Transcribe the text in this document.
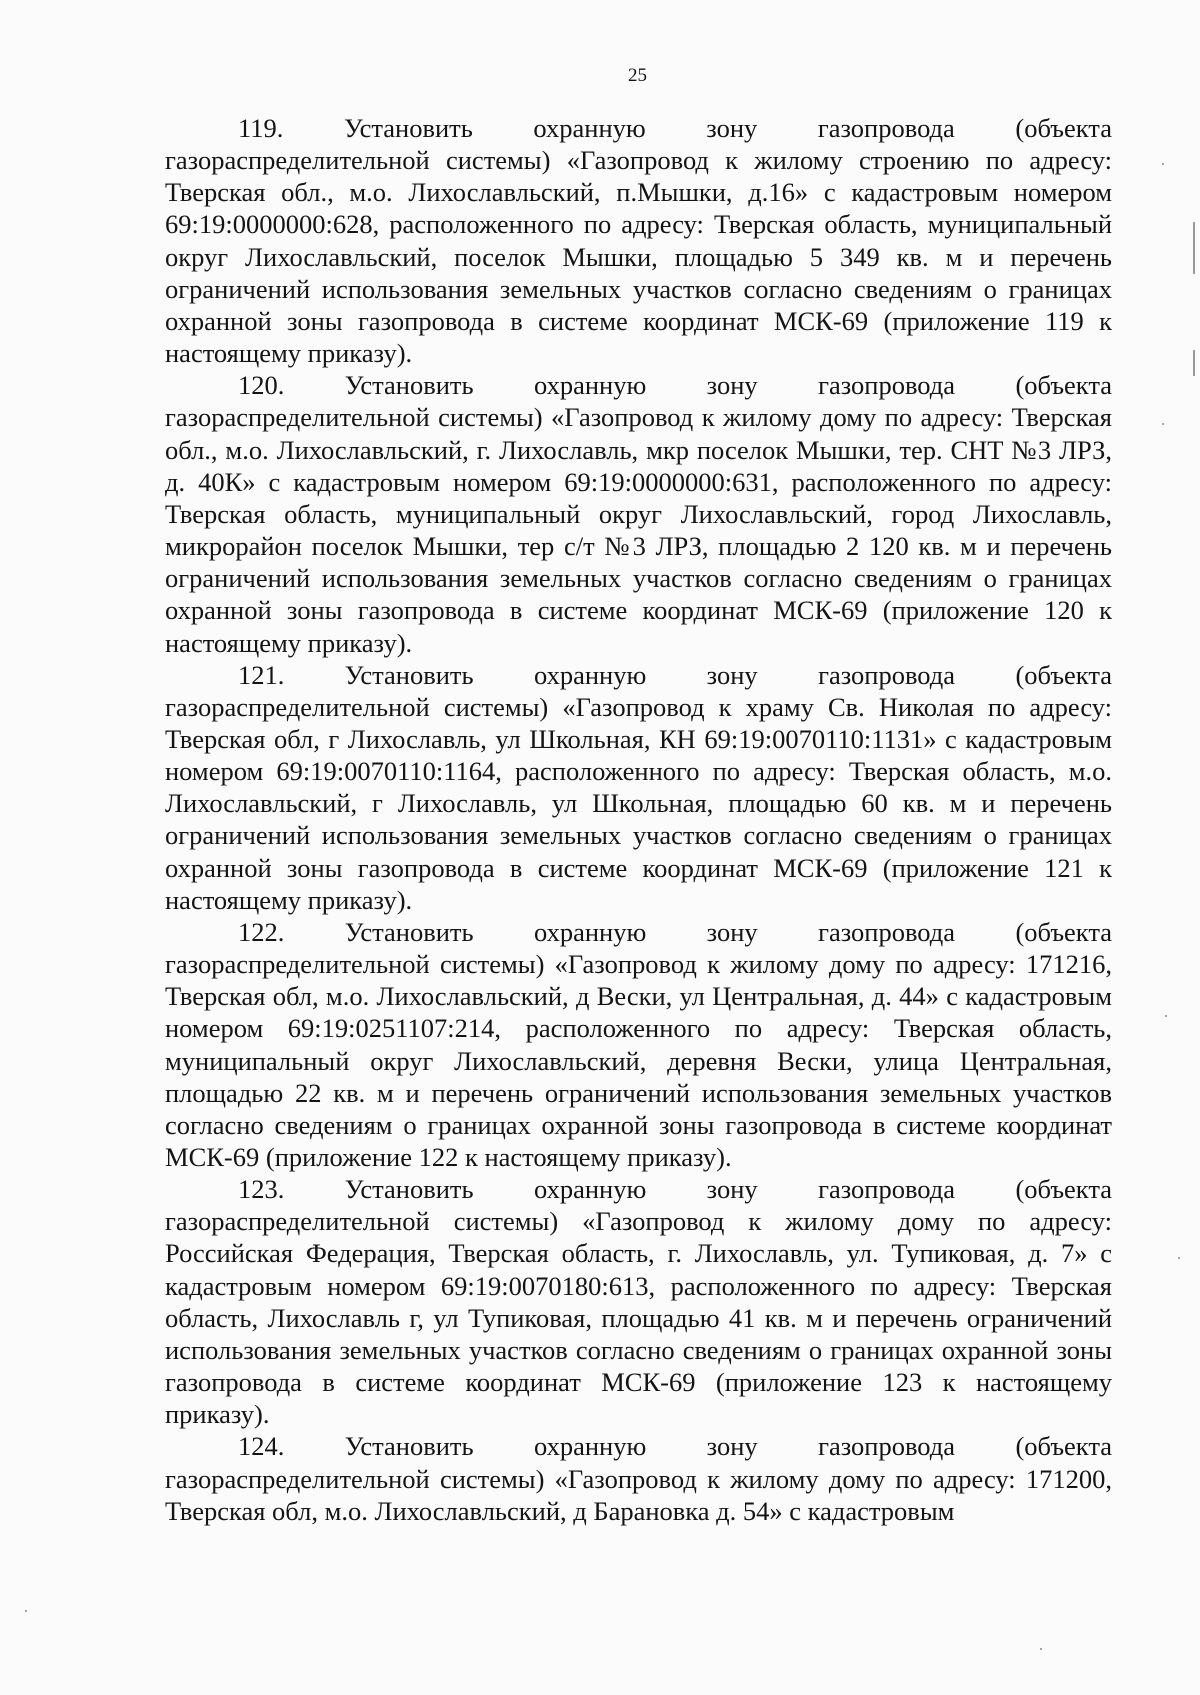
25

119. Установить охранную зону газопровода (объекта
газораспределительной системы) «Газопровод к жилому строению по адресу: Тверская обл., м.о. Лихославльский, п.Мышки, д.16» с кадастровым номером 69:19:0000000:628, расположенного по адресу: Тверская область, муниципальный округ Лихославльский, поселок Мышки, площадью 5 349 кв. м и перечень ограничений использования земельных участков согласно сведениям о границах охранной зоны газопровода в системе координат МСК-69 (приложение 119 к настоящему приказу).

120. Установить охранную зону газопровода (объекта
газораспределительной системы) «Газопровод к жилому дому по адресу: Тверская обл., м.о. Лихославльский, г. Лихославль, мкр поселок Мышки, тер. СНТ №3 ЛРЗ, д. 40К» с кадастровым номером 69:19:0000000:631, расположенного по адресу: Тверская область, муниципальный округ Лихославльский, город Лихославль, микрорайон поселок Мышки, тер с/т №3 ЛРЗ, площадью 2 120 кв. м и перечень ограничений использования земельных участков согласно сведениям о границах охранной зоны газопровода в системе координат МСК-69 (приложение 120 к настоящему приказу).

121. Установить охранную зону газопровода (объекта
газораспределительной системы) «Газопровод к храму Св. Николая по адресу: Тверская обл, г Лихославль, ул Школьная, КН 69:19:0070110:1131» с кадастровым номером 69:19:0070110:1164, расположенного по адресу: Тверская область, м.о. Лихославльский, г Лихославль, ул Школьная, площадью 60 кв. м и перечень ограничений использования земельных участков согласно сведениям о границах охранной зоны газопровода в системе координат МСК-69 (приложение 121 к настоящему приказу).

122. Установить охранную зону газопровода (объекта
газораспределительной системы) «Газопровод к жилому дому по адресу: 171216, Тверская обл, м.о. Лихославльский, д Вески, ул Центральная, д. 44» с кадастровым номером 69:19:0251107:214, расположенного по адресу: Тверская область, муниципальный округ Лихославльский, деревня Вески, улица Центральная, площадью 22 кв. м и перечень ограничений использования земельных участков согласно сведениям о границах охранной зоны газопровода в системе координат МСК-69 (приложение 122 к настоящему приказу).

123. Установить охранную зону газопровода (объекта
газораспределительной системы) «Газопровод к жилому дому по адресу: Российская Федерация, Тверская область, г. Лихославль, ул. Тупиковая, д. 7» с кадастровым номером 69:19:0070180:613, расположенного по адресу: Тверская область, Лихославль г, ул Тупиковая, площадью 41 кв. м и перечень ограничений использования земельных участков согласно сведениям о границах охранной зоны газопровода в системе координат МСК-69 (приложение 123 к настоящему приказу).

124. Установить охранную зону газопровода (объекта
газораспределительной системы) «Газопровод к жилому дому по адресу: 171200, Тверская обл, м.о. Лихославльский, д Барановка д. 54» с кадастровым
